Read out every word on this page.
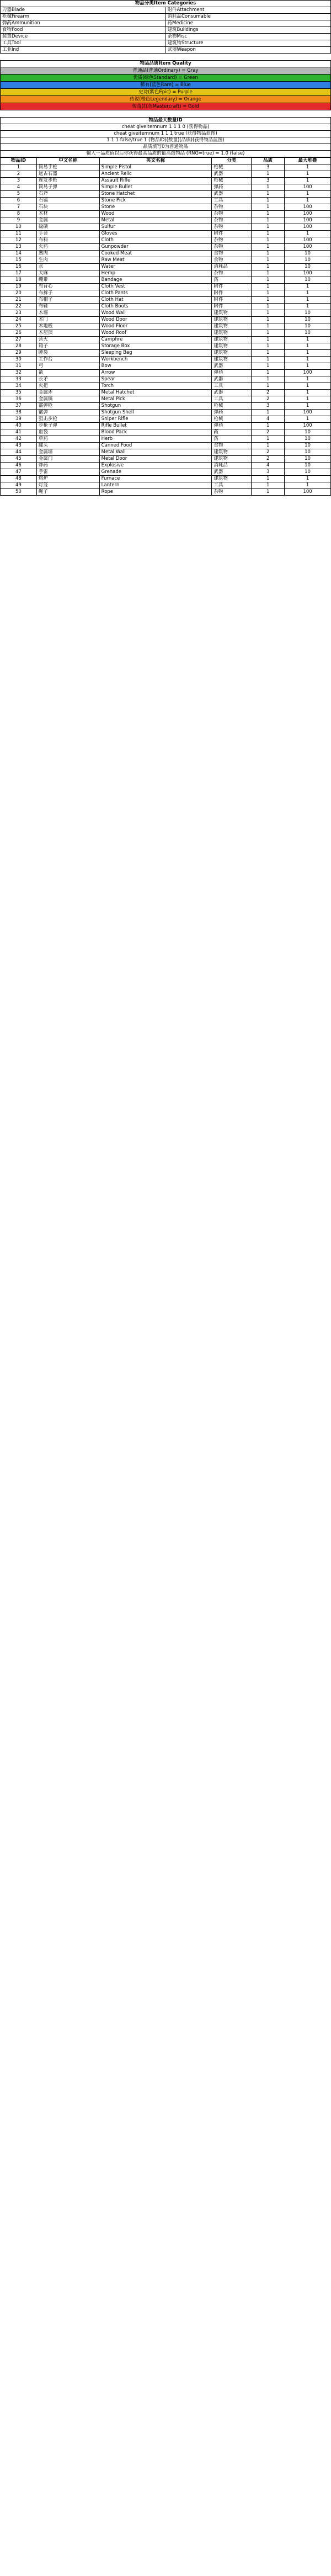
物品分类Item Categories	
刀器Blade	附件Attachment
枪械Firearm	消耗品Consumable
弹药Ammunition	药Medicine
食物Food	建筑Buildings
装置Device	杂物Misc
工具Tool	建筑物Structure
工业Ind	武器Weapon
物品品质Item Quality
普通品(普通Ordinary) = Gray
优质(绿色Standard) = Green
稀有(蓝色Rare) = Blue
史诗(紫色Epic) = Purple
传说(橙色Legendary) = Orange
传奇(红色Mastercraft) = Gold
物品最大数量ID
cheat giveitemnum 1 1 1 0 (获得物品)
cheat giveitemnum 1 1 1 true (获得物品蓝图)
1 1 1 false/true 1 (物品ID)(数量)(品质)(获得物品蓝图)
品质填写0为普通物品
输入一品质值以后你获得最高品质的最高级物品 (RNG=true) = 1.0 (false)
物品ID	中文名称	英文名称	分类	品质	最大堆叠
1	简易手枪	Simple Pistol	枪械	3	1
2	远古石器	Ancient Relic	武器	1	1
3	连发步枪	Assault Rifle	枪械	3	1
4	简易子弹	Simple Bullet	弹药	1	100
5	石斧	Stone Hatchet	武器	1	1
6	石镐	Stone Pick	工具	1	1
7	石块	Stone	杂物	1	100
8	木材	Wood	杂物	1	100
9	金属	Metal	杂物	1	100
10	硫磺	Sulfur	杂物	1	100
11	手套	Gloves	附件	1	1
12	布料	Cloth	杂物	1	100
13	火药	Gunpowder	杂物	1	100
14	熟肉	Cooked Meat	食物	1	10
15	生肉	Raw Meat	食物	1	10
16	水	Water	消耗品	1	10
17	大麻	Hemp	杂物	1	100
18	绷带	Bandage	药	1	10
19	布背心	Cloth Vest	附件	1	1
20	布裤子	Cloth Pants	附件	1	1
21	布帽子	Cloth Hat	附件	1	1
22	布鞋	Cloth Boots	附件	1	1
23	木墙	Wood Wall	建筑物	1	10
24	木门	Wood Door	建筑物	1	10
25	木地板	Wood Floor	建筑物	1	10
26	木屋顶	Wood Roof	建筑物	1	10
27	营火	Campfire	建筑物	1	1
28	箱子	Storage Box	建筑物	1	1
29	睡袋	Sleeping Bag	建筑物	1	1
30	工作台	Workbench	建筑物	1	1
31	弓	Bow	武器	1	1
32	箭	Arrow	弹药	1	100
33	长矛	Spear	武器	1	1
34	火把	Torch	工具	1	1
35	金属斧	Metal Hatchet	武器	2	1
36	金属镐	Metal Pick	工具	2	1
37	霰弹枪	Shotgun	枪械	3	1
38	霰弹	Shotgun Shell	弹药	1	100
39	狙击步枪	Sniper Rifle	枪械	4	1
40	步枪子弹	Rifle Bullet	弹药	1	100
41	血袋	Blood Pack	药	2	10
42	草药	Herb	药	1	10
43	罐头	Canned Food	食物	1	10
44	金属墙	Metal Wall	建筑物	2	10
45	金属门	Metal Door	建筑物	2	10
46	炸药	Explosive	消耗品	4	10
47	手雷	Grenade	武器	3	10
48	熔炉	Furnace	建筑物	1	1
49	灯笼	Lantern	工具	1	1
50	绳子	Rope	杂物	1	100
